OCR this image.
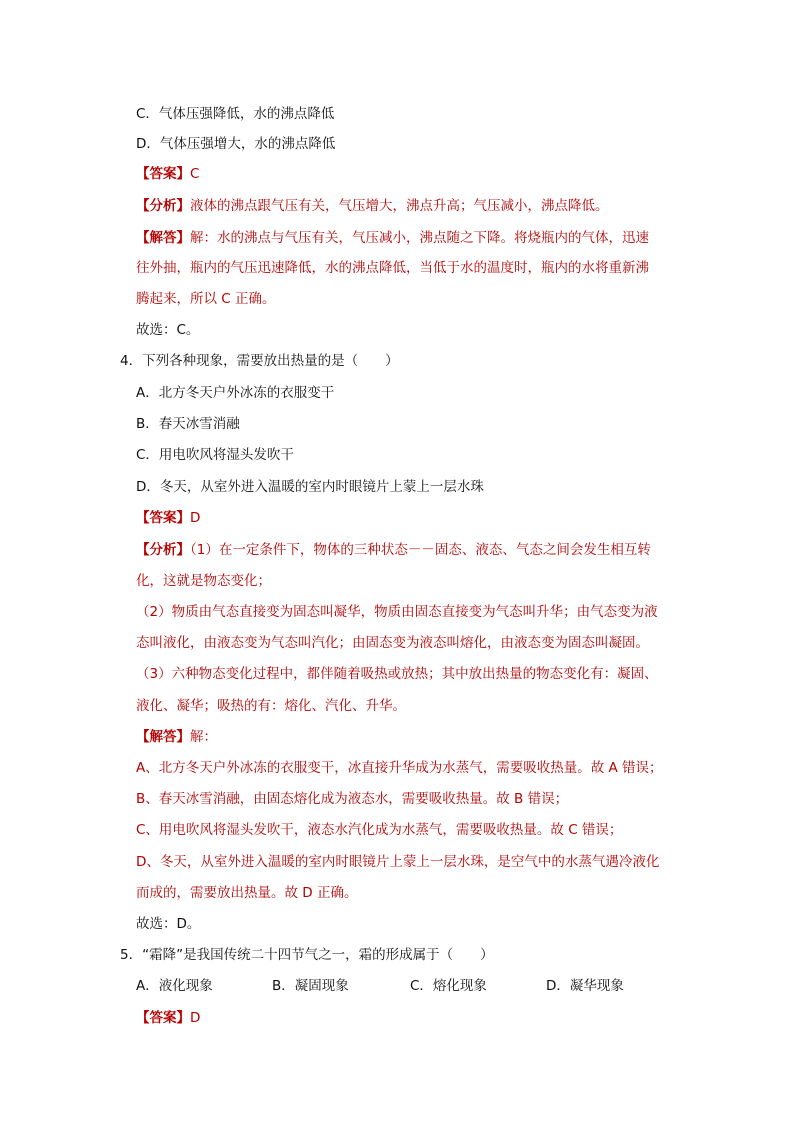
C．气体压强降低，水的沸点降低
D．气体压强增大，水的沸点降低
【答案】C
【分析】液体的沸点跟气压有关，气压增大，沸点升高；气压减小，沸点降低。
【解答】解：水的沸点与气压有关，气压减小，沸点随之下降。将烧瓶内的气体，迅速
往外抽，瓶内的气压迅速降低，水的沸点降低，当低于水的温度时，瓶内的水将重新沸
腾起来，所以 C 正确。
故选：C。
4．下列各种现象，需要放出热量的是（　　）
A．北方冬天户外冰冻的衣服变干
B．春天冰雪消融
C．用电吹风将湿头发吹干
D．冬天，从室外进入温暖的室内时眼镜片上蒙上一层水珠
【答案】D
【分析】（1）在一定条件下，物体的三种状态－－固态、液态、气态之间会发生相互转
化，这就是物态变化；
（2）物质由气态直接变为固态叫凝华，物质由固态直接变为气态叫升华；由气态变为液
态叫液化，由液态变为气态叫汽化；由固态变为液态叫熔化，由液态变为固态叫凝固。
（3）六种物态变化过程中，都伴随着吸热或放热；其中放出热量的物态变化有：凝固、
液化、凝华；吸热的有：熔化、汽化、升华。
【解答】解：
A、北方冬天户外冰冻的衣服变干，冰直接升华成为水蒸气，需要吸收热量。故 A 错误；
B、春天冰雪消融，由固态熔化成为液态水，需要吸收热量。故 B 错误；
C、用电吹风将湿头发吹干，液态水汽化成为水蒸气，需要吸收热量。故 C 错误；
D、冬天，从室外进入温暖的室内时眼镜片上蒙上一层水珠，是空气中的水蒸气遇冷液化
而成的，需要放出热量。故 D 正确。
故选：D。
5．“霜降”是我国传统二十四节气之一，霜的形成属于（　　）
A．液化现象	B．凝固现象	C．熔化现象	D．凝华现象
【答案】D
